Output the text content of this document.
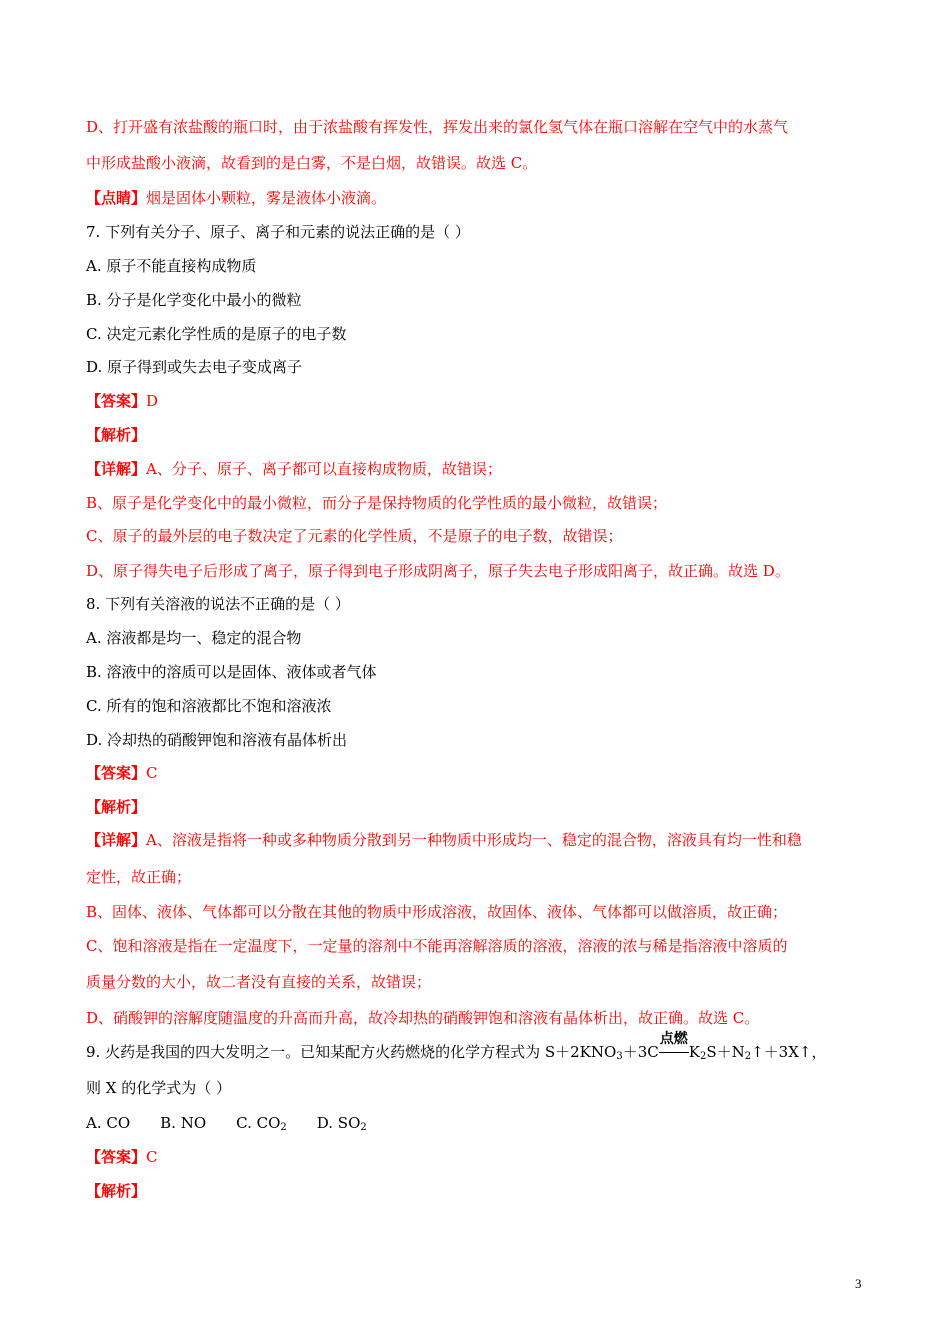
D、打开盛有浓盐酸的瓶口时，由于浓盐酸有挥发性，挥发出来的氯化氢气体在瓶口溶解在空气中的水蒸气
中形成盐酸小液滴，故看到的是白雾，不是白烟，故错误。故选 C。
【点睛】烟是固体小颗粒，雾是液体小液滴。
7. 下列有关分子、原子、离子和元素的说法正确的是（ ）
A. 原子不能直接构成物质
B. 分子是化学变化中最小的微粒
C. 决定元素化学性质的是原子的电子数
D. 原子得到或失去电子变成离子
【答案】D
【解析】
【详解】A、分子、原子、离子都可以直接构成物质，故错误；
B、原子是化学变化中的最小微粒，而分子是保持物质的化学性质的最小微粒，故错误；
C、原子的最外层的电子数决定了元素的化学性质，不是原子的电子数，故错误；
D、原子得失电子后形成了离子，原子得到电子形成阴离子，原子失去电子形成阳离子，故正确。故选 D。
8. 下列有关溶液的说法不正确的是（ ）
A. 溶液都是均一、稳定的混合物
B. 溶液中的溶质可以是固体、液体或者气体
C. 所有的饱和溶液都比不饱和溶液浓
D. 冷却热的硝酸钾饱和溶液有晶体析出
【答案】C
【解析】
【详解】A、溶液是指将一种或多种物质分散到另一种物质中形成均一、稳定的混合物，溶液具有均一性和稳
定性，故正确；
B、固体、液体、气体都可以分散在其他的物质中形成溶液，故固体、液体、气体都可以做溶质，故正确；
C、饱和溶液是指在一定温度下，一定量的溶剂中不能再溶解溶质的溶液，溶液的浓与稀是指溶液中溶质的
质量分数的大小，故二者没有直接的关系，故错误；
D、硝酸钾的溶解度随温度的升高而升高，故冷却热的硝酸钾饱和溶液有晶体析出，故正确。故选 C。
9. 火药是我国的四大发明之一。已知某配方火药燃烧的化学方程式为 $S+2KNO_3+3C$
点燃
$K_2S+N_2↑+3X↑$，
则 X 的化学式为（ ）
A. CO B. NO C. $CO_2$ D. $SO_2$
【答案】C
【解析】
3
